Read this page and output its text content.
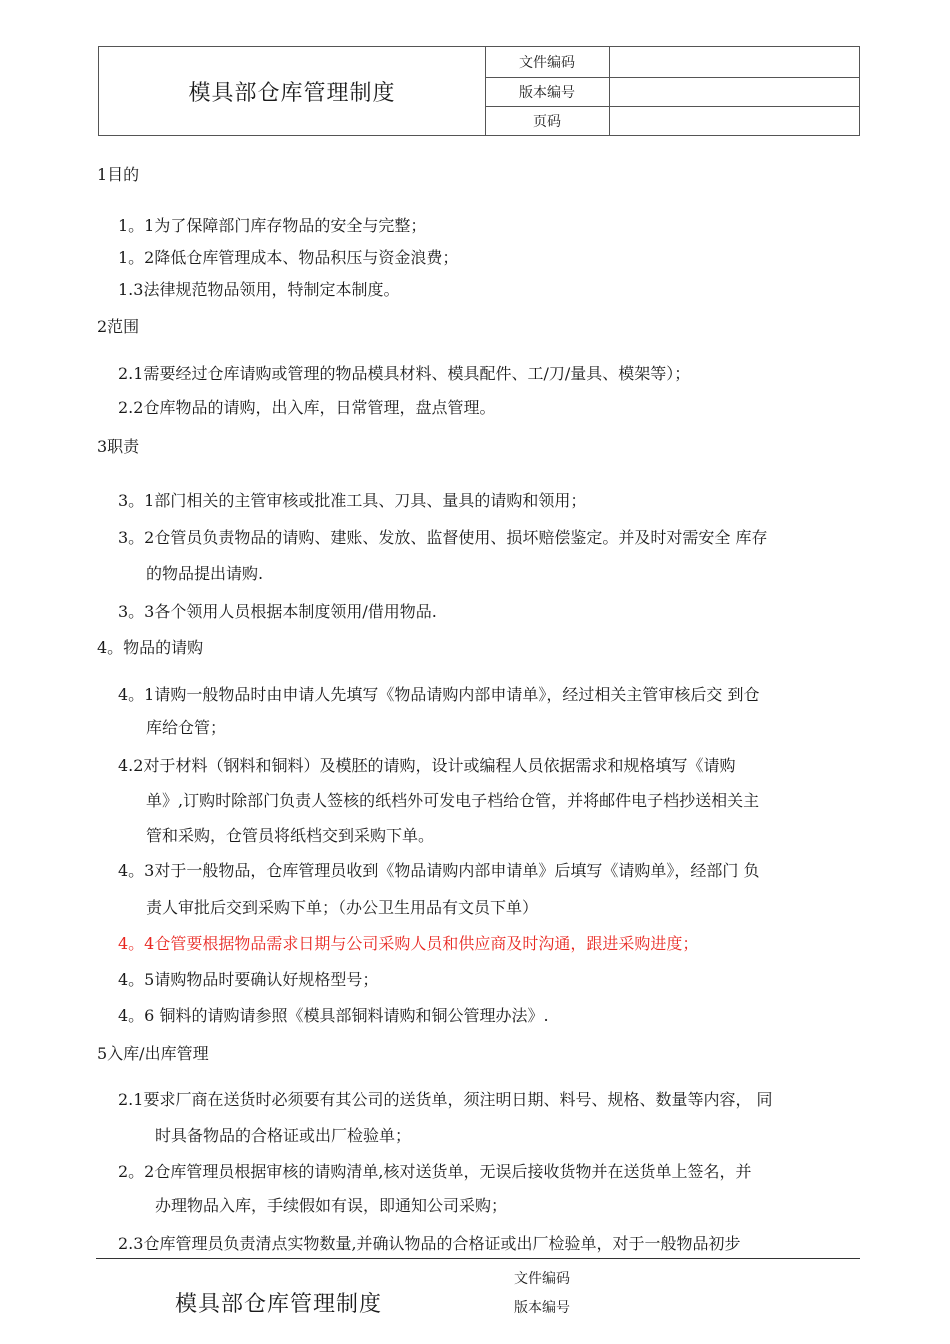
模具部仓库管理制度
文件编码
版本编号
页码
1目的
1。1为了保障部门库存物品的安全与完整；
1。2降低仓库管理成本、物品积压与资金浪费；
1.3法律规范物品领用，特制定本制度。
2范围
2.1需要经过仓库请购或管理的物品模具材料、模具配件、工/刀/量具、模架等）；
2.2仓库物品的请购，出入库，日常管理，盘点管理。
3职责
3。1部门相关的主管审核或批准工具、刀具、量具的请购和领用；
3。2仓管员负责物品的请购、建账、发放、监督使用、损坏赔偿鉴定。并及时对需安全 库存
的物品提出请购.
3。3各个领用人员根据本制度领用/借用物品.
4。物品的请购
4。1请购一般物品时由申请人先填写《物品请购内部申请单》，经过相关主管审核后交 到仓
库给仓管；
4.2对于材料（钢料和铜料）及模胚的请购，设计或编程人员依据需求和规格填写《请购
单》,订购时除部门负责人签核的纸档外可发电子档给仓管，并将邮件电子档抄送相关主
管和采购，仓管员将纸档交到采购下单。
4。3对于一般物品，仓库管理员收到《物品请购内部申请单》后填写《请购单》，经部门 负
责人审批后交到采购下单；（办公卫生用品有文员下单）
4。4仓管要根据物品需求日期与公司采购人员和供应商及时沟通，跟进采购进度；
4。5请购物品时要确认好规格型号；
4。6 铜料的请购请参照《模具部铜料请购和铜公管理办法》.
5入库/出库管理
2.1要求厂商在送货时必须要有其公司的送货单，须注明日期、料号、规格、数量等内容， 同
时具备物品的合格证或出厂检验单；
2。2仓库管理员根据审核的请购清单,核对送货单，无误后接收货物并在送货单上签名，并
办理物品入库，手续假如有误，即通知公司采购；
2.3仓库管理员负责清点实物数量,并确认物品的合格证或出厂检验单，对于一般物品初步
模具部仓库管理制度
文件编码
版本编号
